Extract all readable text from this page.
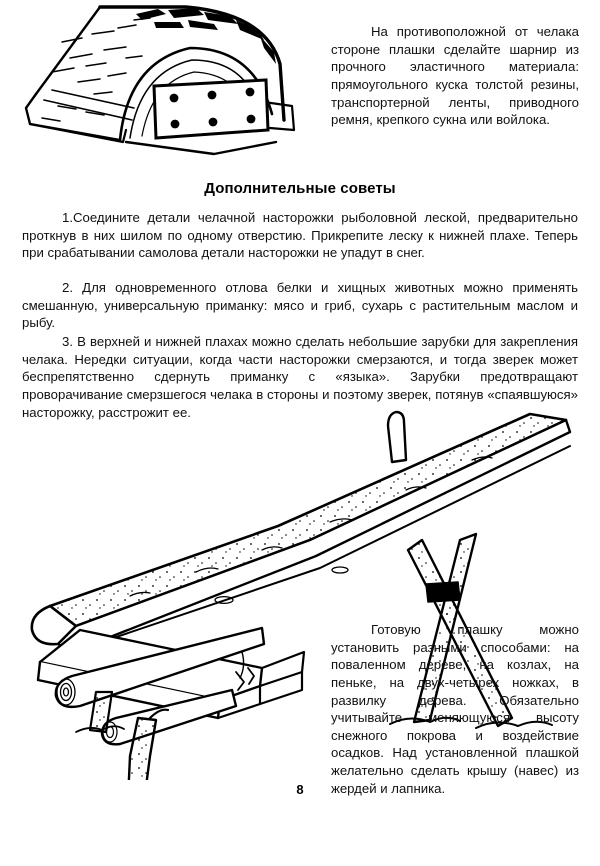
На противоположной от челака стороне плашки сделайте шарнир из прочного эластичного материала: прямоугольного куска толстой резины, транспортерной ленты, приводного ремня, крепкого сукна или войлока.

Дополнительные советы

1.Соедините детали челачной насторожки рыболовной леской, предварительно проткнув в них шилом по одному отверстию. Прикрепите леску к нижней плахе. Теперь при срабатывании самолова детали насторожки не упадут в снег.

2. Для одновременного отлова белки и хищных животных можно применять смешанную, универсальную приманку: мясо и гриб, сухарь с растительным маслом и рыбу.

3. В верхней и нижней плахах можно сделать небольшие зарубки для закрепления челака. Нередки ситуации, когда части насторожки смерзаются, и тогда зверек может беспрепятственно сдернуть приманку с «языка». Зарубки предотвращают проворачивание смерзшегося челака в стороны и поэтому зверек, потянув «спаявшуюся» насторожку, расстрожит ее.

Готовую плашку можно установить разными способами: на поваленном дереве, на козлах, на пеньке, на двух-четырех ножках, в развилку дерева. Обязательно учитывайте меняющуюся высоту снежного покрова и воздействие осадков. Над установленной плашкой желательно сделать крышу (навес) из жердей и лапника.

8
